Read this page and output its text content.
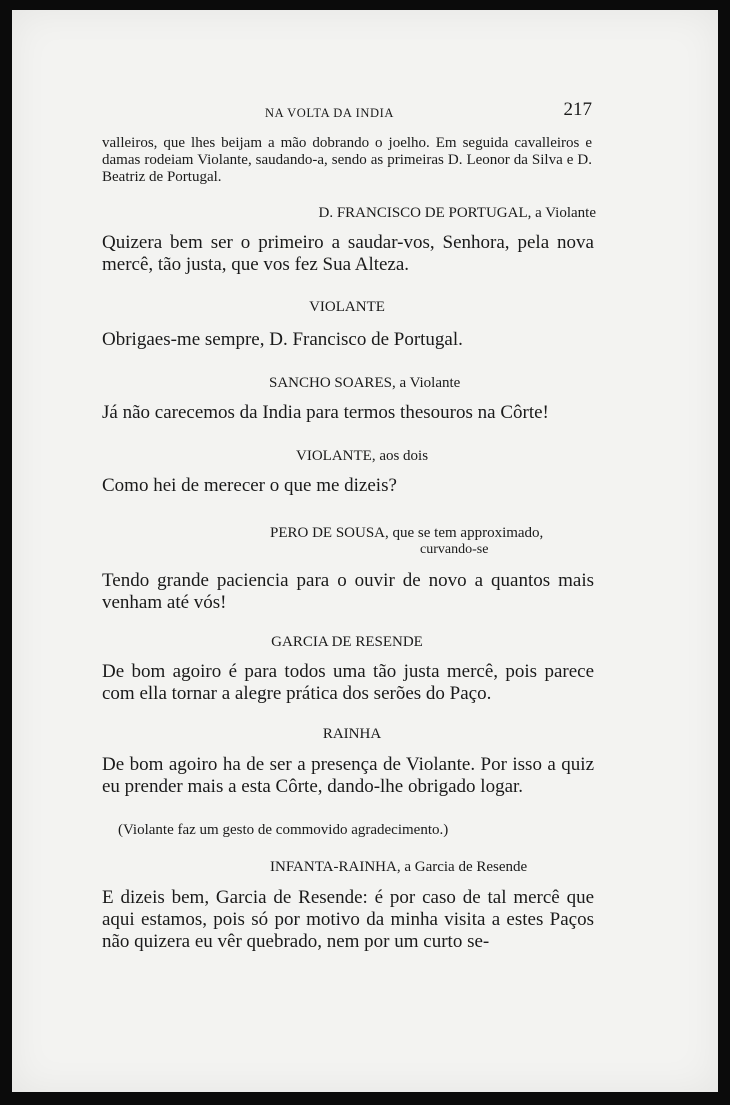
NA VOLTA DA INDIA	217

valleiros, que lhes beijam a mão dobrando o joelho. Em seguida cavalleiros e damas rodeiam Violante, saudando-a, sendo as primeiras D. Leonor da Silva e D. Beatriz de Portugal.

D. FRANCISCO DE PORTUGAL, a Violante

Quizera bem ser o primeiro a saudar-vos, Senhora, pela nova mercê, tão justa, que vos fez Sua Alteza.

VIOLANTE

Obrigaes-me sempre, D. Francisco de Portugal.

SANCHO SOARES, a Violante

Já não carecemos da India para termos thesouros na Côrte!

VIOLANTE, aos dois

Como hei de merecer o que me dizeis?

PERO DE SOUSA, que se tem approximado,
curvando-se

Tendo grande paciencia para o ouvir de novo a quantos mais venham até vós!

GARCIA DE RESENDE

De bom agoiro é para todos uma tão justa mercê, pois parece com ella tornar a alegre prática dos serões do Paço.

RAINHA

De bom agoiro ha de ser a presença de Violante. Por isso a quiz eu prender mais a esta Côrte, dando-lhe obrigado logar.

(Violante faz um gesto de commovido agradecimento.)

INFANTA-RAINHA, a Garcia de Resende

E dizeis bem, Garcia de Resende: é por caso de tal mercê que aqui estamos, pois só por motivo da minha visita a estes Paços não quizera eu vêr quebrado, nem por um curto se-
